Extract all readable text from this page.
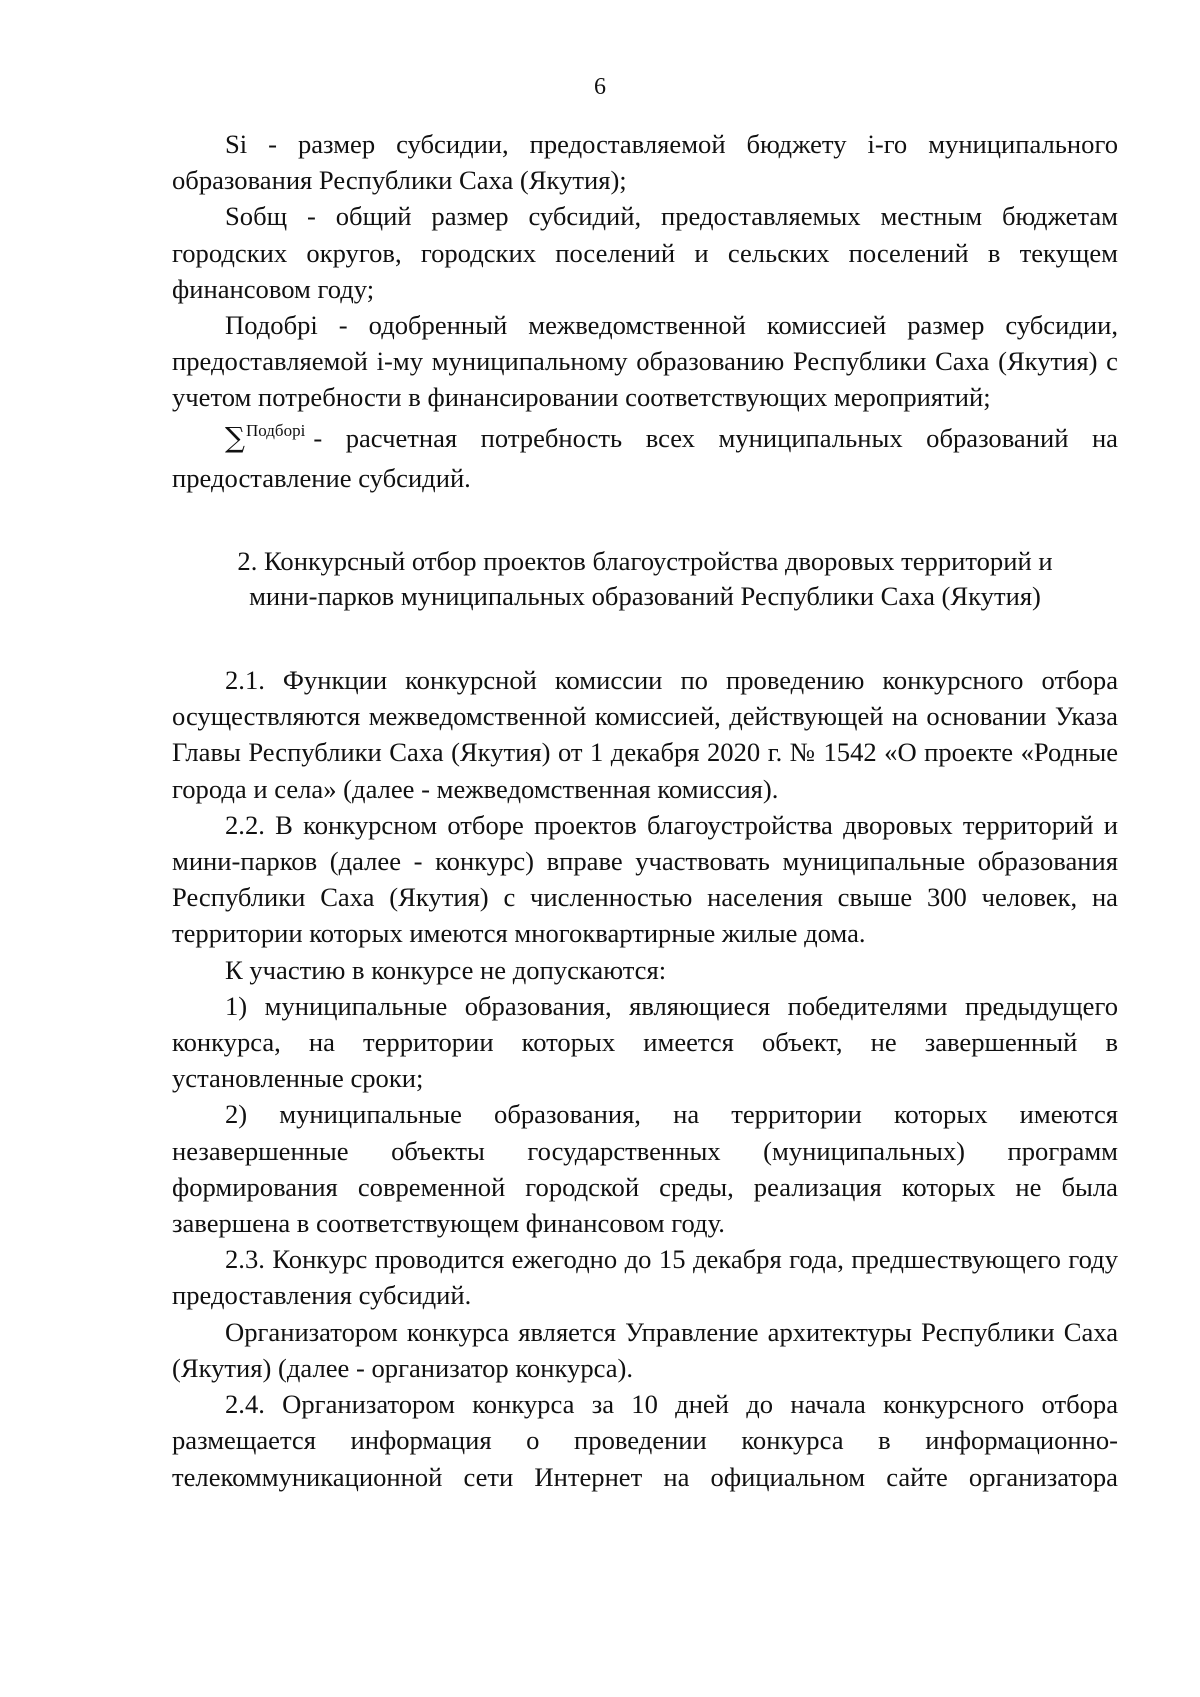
6

Si - размер субсидии, предоставляемой бюджету i-го муниципального образования Республики Саха (Якутия);

Sобщ - общий размер субсидий, предоставляемых местным бюджетам городских округов, городских поселений и сельских поселений в текущем финансовом году;

Подобрi - одобренный межведомственной комиссией размер субсидии, предоставляемой i-му муниципальному образованию Республики Саха (Якутия) с учетом потребности в финансировании соответствующих мероприятий;

∑$^{Подборi}$ - расчетная потребность всех муниципальных образований на предоставление субсидий.

2. Конкурсный отбор проектов благоустройства дворовых территорий и
мини-парков муниципальных образований Республики Саха (Якутия)

2.1. Функции конкурсной комиссии по проведению конкурсного отбора осуществляются межведомственной комиссией, действующей на основании Указа Главы Республики Саха (Якутия) от 1 декабря 2020 г. № 1542 «О проекте «Родные города и села» (далее - межведомственная комиссия).

2.2. В конкурсном отборе проектов благоустройства дворовых территорий и мини-парков (далее - конкурс) вправе участвовать муниципальные образования Республики Саха (Якутия) с численностью населения свыше 300 человек, на территории которых имеются многоквартирные жилые дома.

К участию в конкурсе не допускаются:

1) муниципальные образования, являющиеся победителями предыдущего конкурса, на территории которых имеется объект, не завершенный в установленные сроки;

2) муниципальные образования, на территории которых имеются незавершенные объекты государственных (муниципальных) программ формирования современной городской среды, реализация которых не была завершена в соответствующем финансовом году.

2.3. Конкурс проводится ежегодно до 15 декабря года, предшествующего году предоставления субсидий.

Организатором конкурса является Управление архитектуры Республики Саха (Якутия) (далее - организатор конкурса).

2.4. Организатором конкурса за 10 дней до начала конкурсного отбора размещается информация о проведении конкурса в информационно-телекоммуникационной сети Интернет на официальном сайте организатора
